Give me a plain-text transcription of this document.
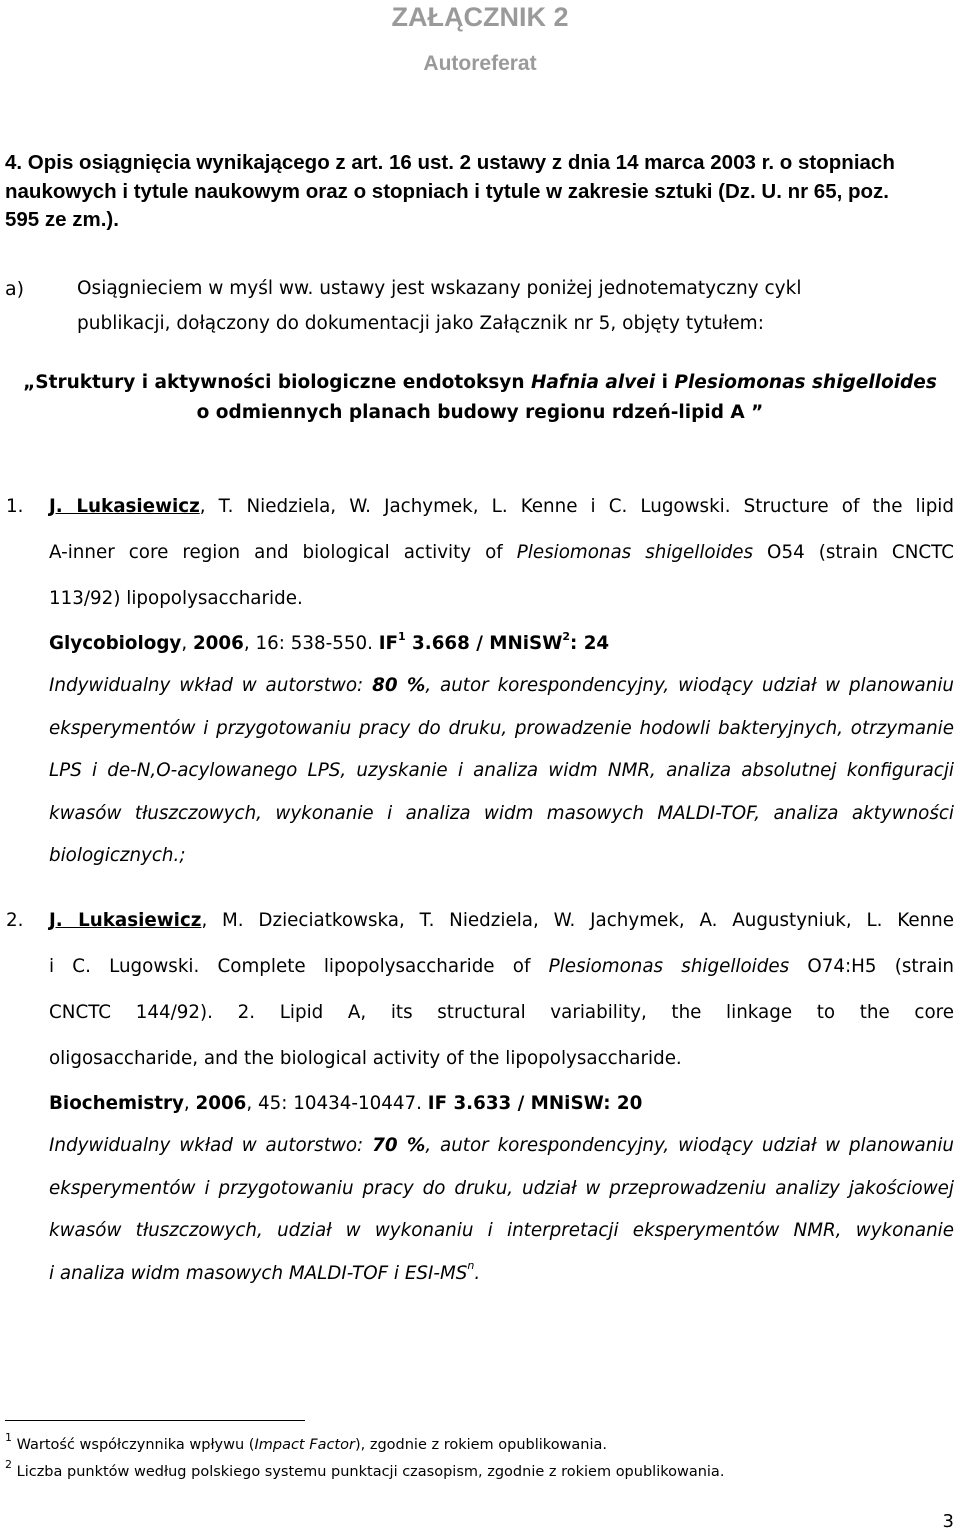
ZAŁĄCZNIK 2
Autoreferat
4. Opis osiągnięcia wynikającego z art. 16 ust. 2 ustawy z dnia 14 marca 2003 r. o stopniach
naukowych i tytule naukowym oraz o stopniach i tytule w zakresie sztuki (Dz. U. nr 65, poz.
595 ze zm.).
a)	Osiągnieciem w myśl ww. ustawy jest wskazany poniżej jednotematyczny cykl
publikacji, dołączony do dokumentacji jako Załącznik nr 5, objęty tytułem:
„Struktury i aktywności biologiczne endotoksyn Hafnia alvei i Plesiomonas shigelloides
o odmiennych planach budowy regionu rdzeń-lipid A ”
1. J. Lukasiewicz, T. Niedziela, W. Jachymek, L. Kenne i C. Lugowski. Structure of the lipid
A-inner core region and biological activity of Plesiomonas shigelloides O54 (strain CNCTC
113/92) lipopolysaccharide.
Glycobiology, 2006, 16: 538-550. $IF^1$ 3.668 / MNiSW$^2$: 24
Indywidualny wkład w autorstwo: 80 %, autor korespondencyjny, wiodący udział w planowaniu
eksperymentów i przygotowaniu pracy do druku, prowadzenie hodowli bakteryjnych, otrzymanie
LPS i de-N,O-acylowanego LPS, uzyskanie i analiza widm NMR, analiza absolutnej konfiguracji
kwasów tłuszczowych, wykonanie i analiza widm masowych MALDI-TOF, analiza aktywności
biologicznych.;
2. J. Lukasiewicz, M. Dzieciatkowska, T. Niedziela, W. Jachymek, A. Augustyniuk, L. Kenne
i C. Lugowski. Complete lipopolysaccharide of Plesiomonas shigelloides O74:H5 (strain
CNCTC 144/92). 2. Lipid A, its structural variability, the linkage to the core
oligosaccharide, and the biological activity of the lipopolysaccharide.
Biochemistry, 2006, 45: 10434-10447. IF 3.633 / MNiSW: 20
Indywidualny wkład w autorstwo: 70 %, autor korespondencyjny, wiodący udział w planowaniu
eksperymentów i przygotowaniu pracy do druku, udział w przeprowadzeniu analizy jakościowej
kwasów tłuszczowych, udział w wykonaniu i interpretacji eksperymentów NMR, wykonanie
i analiza widm masowych MALDI-TOF i ESI-$MS^n$.
$^1$ Wartość współczynnika wpływu (Impact Factor), zgodnie z rokiem opublikowania.
$^2$ Liczba punktów według polskiego systemu punktacji czasopism, zgodnie z rokiem opublikowania.
3
